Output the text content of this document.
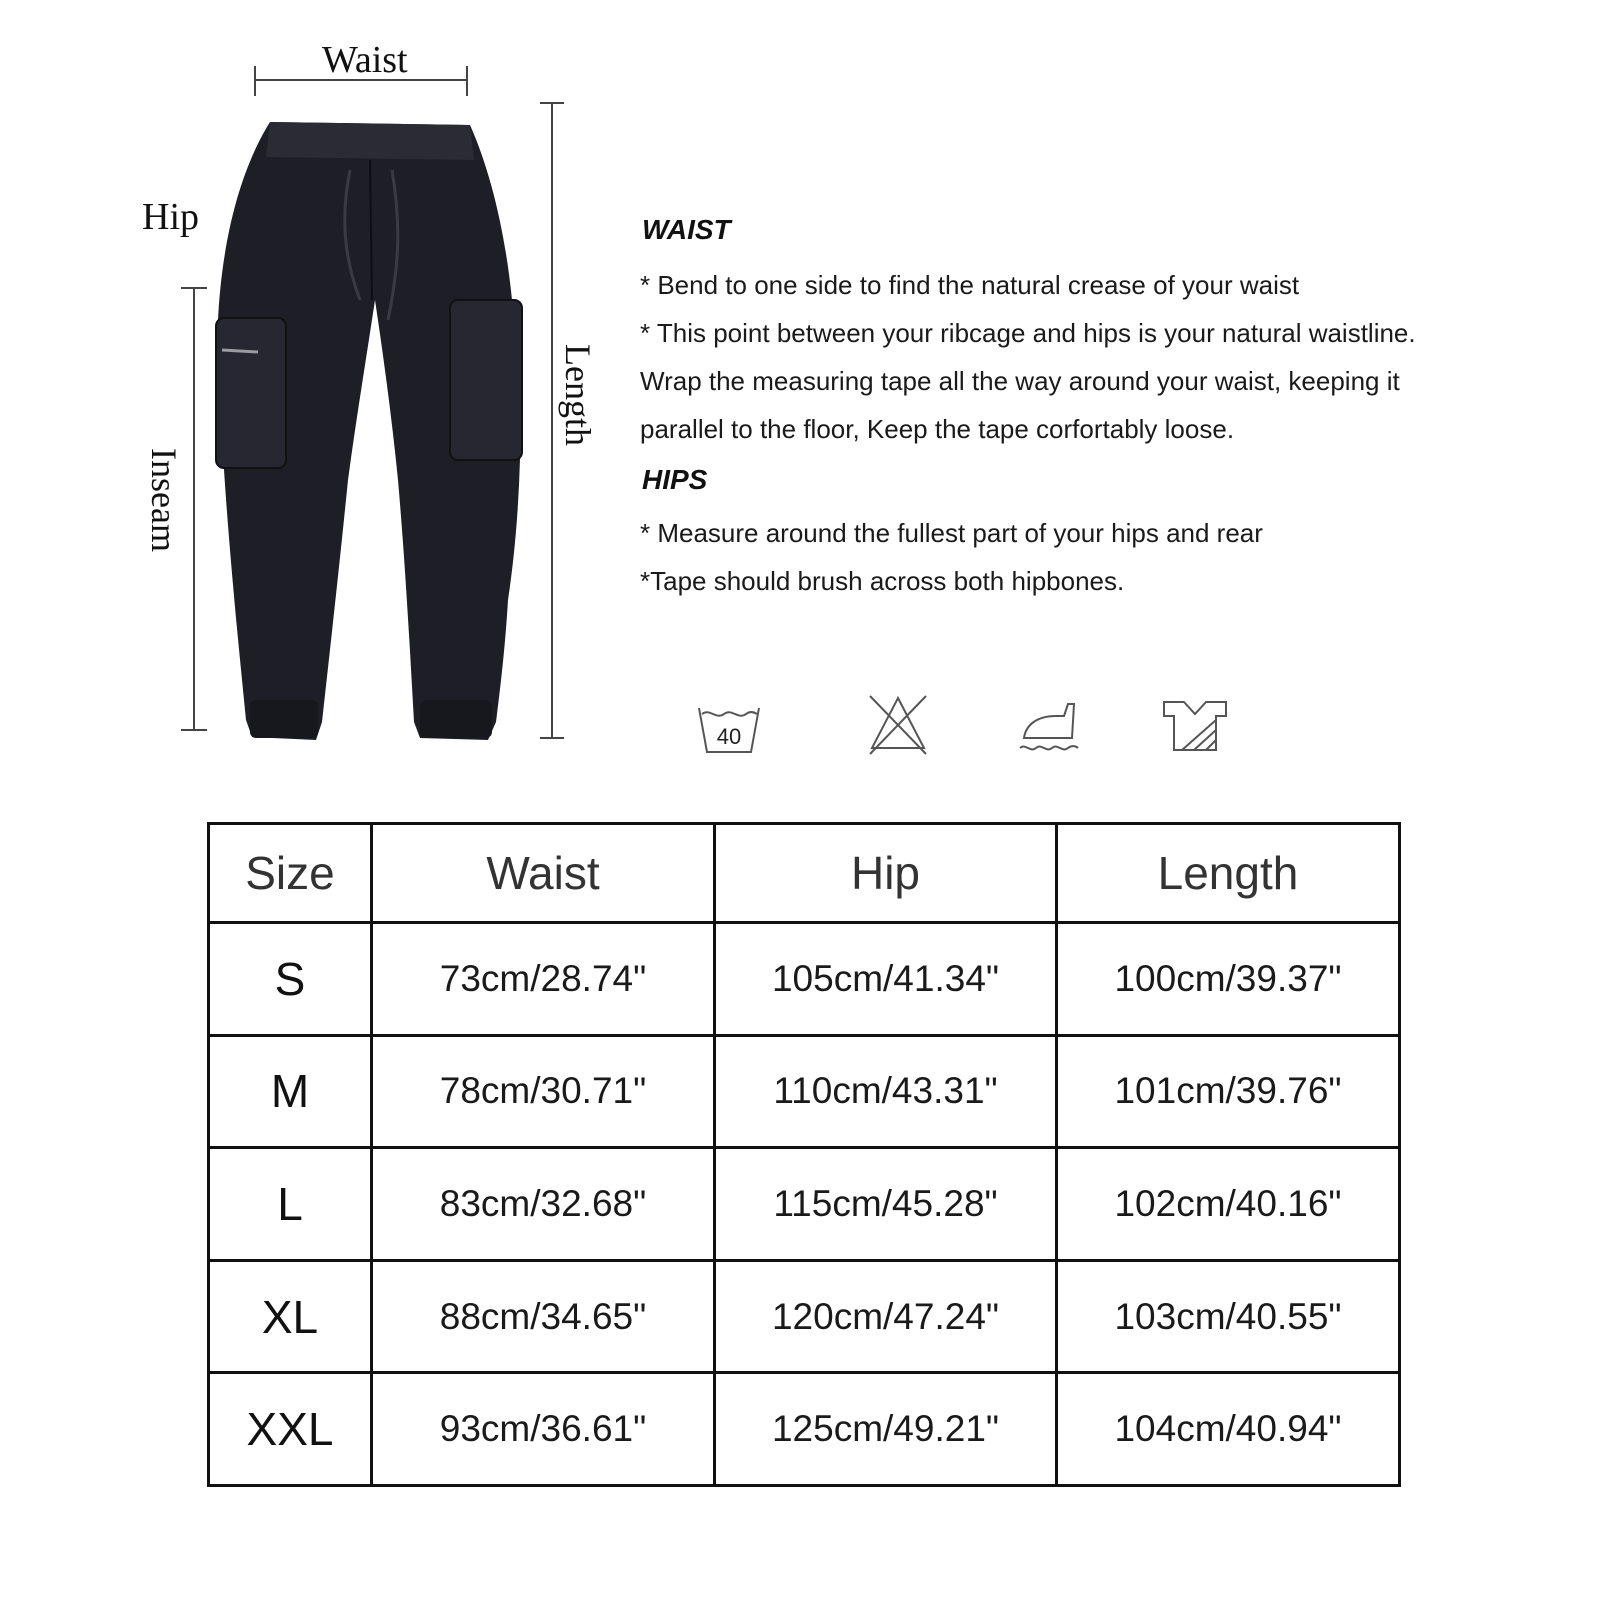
Waist
Hip
Length
Inseam
WAIST
* Bend to one side to find the natural crease of your waist
* This point between your ribcage and hips is your natural waistline.
Wrap the measuring tape all the way around your waist, keeping it
parallel to the floor, Keep the tape corfortably loose.
HIPS
* Measure around the fullest part of your hips and rear
*Tape should brush across both hipbones.
40
Size	Waist	Hip	Length
S	73cm/28.74"	105cm/41.34"	100cm/39.37"
M	78cm/30.71"	110cm/43.31"	101cm/39.76"
L	83cm/32.68"	115cm/45.28"	102cm/40.16"
XL	88cm/34.65"	120cm/47.24"	103cm/40.55"
XXL	93cm/36.61"	125cm/49.21"	104cm/40.94"
